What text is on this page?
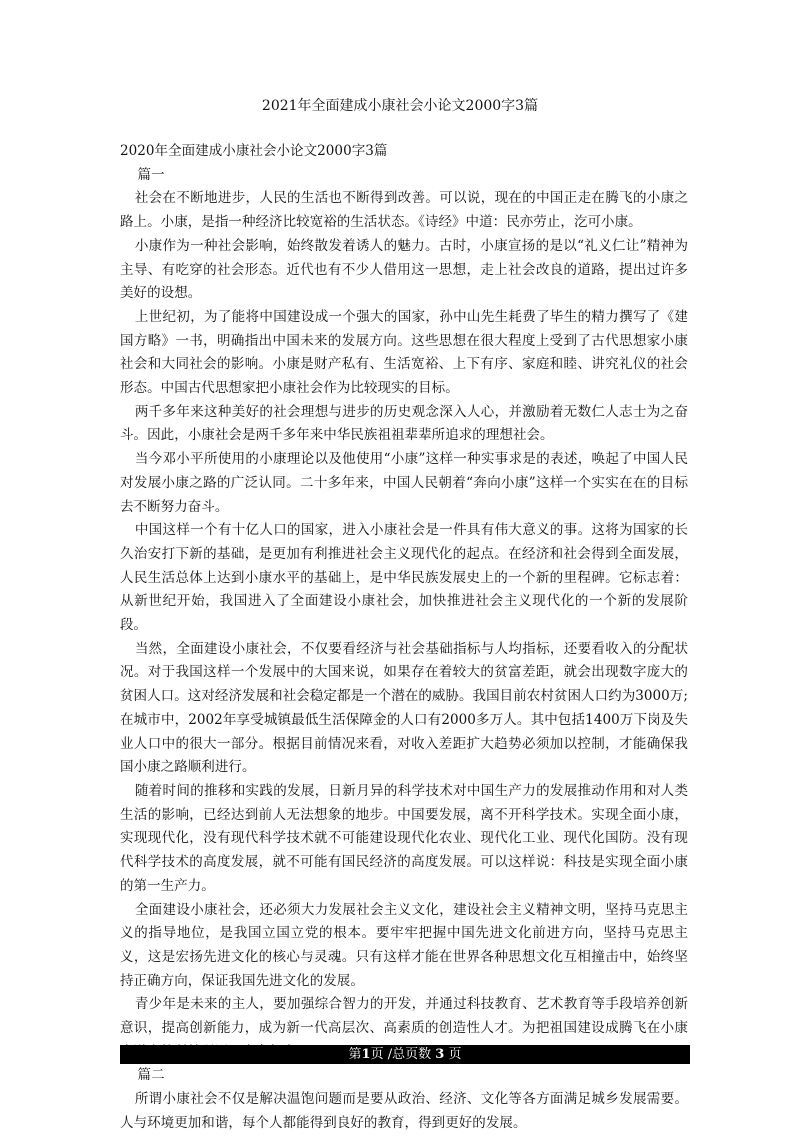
2021年全面建成小康社会小论文2000字3篇

2020年全面建成小康社会小论文2000字3篇

篇一

社会在不断地进步，人民的生活也不断得到改善。可以说，现在的中国正走在腾飞的小康之路上。小康，是指一种经济比较宽裕的生活状态。《诗经》中道：民亦劳止，汔可小康。

小康作为一种社会影响，始终散发着诱人的魅力。古时，小康宣扬的是以“礼义仁让”精神为主导、有吃穿的社会形态。近代也有不少人借用这一思想，走上社会改良的道路，提出过许多美好的设想。

上世纪初，为了能将中国建设成一个强大的国家，孙中山先生耗费了毕生的精力撰写了《建国方略》一书，明确指出中国未来的发展方向。这些思想在很大程度上受到了古代思想家小康社会和大同社会的影响。小康是财产私有、生活宽裕、上下有序、家庭和睦、讲究礼仪的社会形态。中国古代思想家把小康社会作为比较现实的目标。

两千多年来这种美好的社会理想与进步的历史观念深入人心，并激励着无数仁人志士为之奋斗。因此，小康社会是两千多年来中华民族祖祖辈辈所追求的理想社会。

当今邓小平所使用的小康理论以及他使用“小康”这样一种实事求是的表述，唤起了中国人民对发展小康之路的广泛认同。二十多年来，中国人民朝着“奔向小康”这样一个实实在在的目标去不断努力奋斗。

中国这样一个有十亿人口的国家，进入小康社会是一件具有伟大意义的事。这将为国家的长久治安打下新的基础，是更加有利推进社会主义现代化的起点。在经济和社会得到全面发展，人民生活总体上达到小康水平的基础上，是中华民族发展史上的一个新的里程碑。它标志着：从新世纪开始，我国进入了全面建设小康社会，加快推进社会主义现代化的一个新的发展阶段。

当然，全面建设小康社会，不仅要看经济与社会基础指标与人均指标，还要看收入的分配状况。对于我国这样一个发展中的大国来说，如果存在着较大的贫富差距，就会出现数字庞大的贫困人口。这对经济发展和社会稳定都是一个潜在的威胁。我国目前农村贫困人口约为3000万;在城市中，2002年享受城镇最低生活保障金的人口有2000多万人。其中包括1400万下岗及失业人口中的很大一部分。根据目前情况来看，对收入差距扩大趋势必须加以控制，才能确保我国小康之路顺利进行。

随着时间的推移和实践的发展，日新月异的科学技术对中国生产力的发展推动作用和对人类生活的影响，已经达到前人无法想象的地步。中国要发展，离不开科学技术。实现全面小康，实现现代化，没有现代科学技术就不可能建设现代化农业、现代化工业、现代化国防。没有现代科学技术的高度发展，就不可能有国民经济的高度发展。可以这样说：科技是实现全面小康的第一生产力。

全面建设小康社会，还必须大力发展社会主义文化，建设社会主义精神文明，坚持马克思主义的指导地位，是我国立国立党的根本。要牢牢把握中国先进文化前进方向，坚持马克思主义，这是宏扬先进文化的核心与灵魂。只有这样才能在世界各种思想文化互相撞击中，始终坚持正确方向，保证我国先进文化的发展。

青少年是未来的主人，要加强综合智力的开发，并通过科技教育、艺术教育等手段培养创新意识，提高创新能力，成为新一代高层次、高素质的创造性人才。为把祖国建设成腾飞在小康

篇二

所谓小康社会不仅是解决温饱问题而是要从政治、经济、文化等各方面满足城乡发展需要。人与环境更加和谐，每个人都能得到良好的教育，得到更好的发展。

第1页 /总页数 3 页
